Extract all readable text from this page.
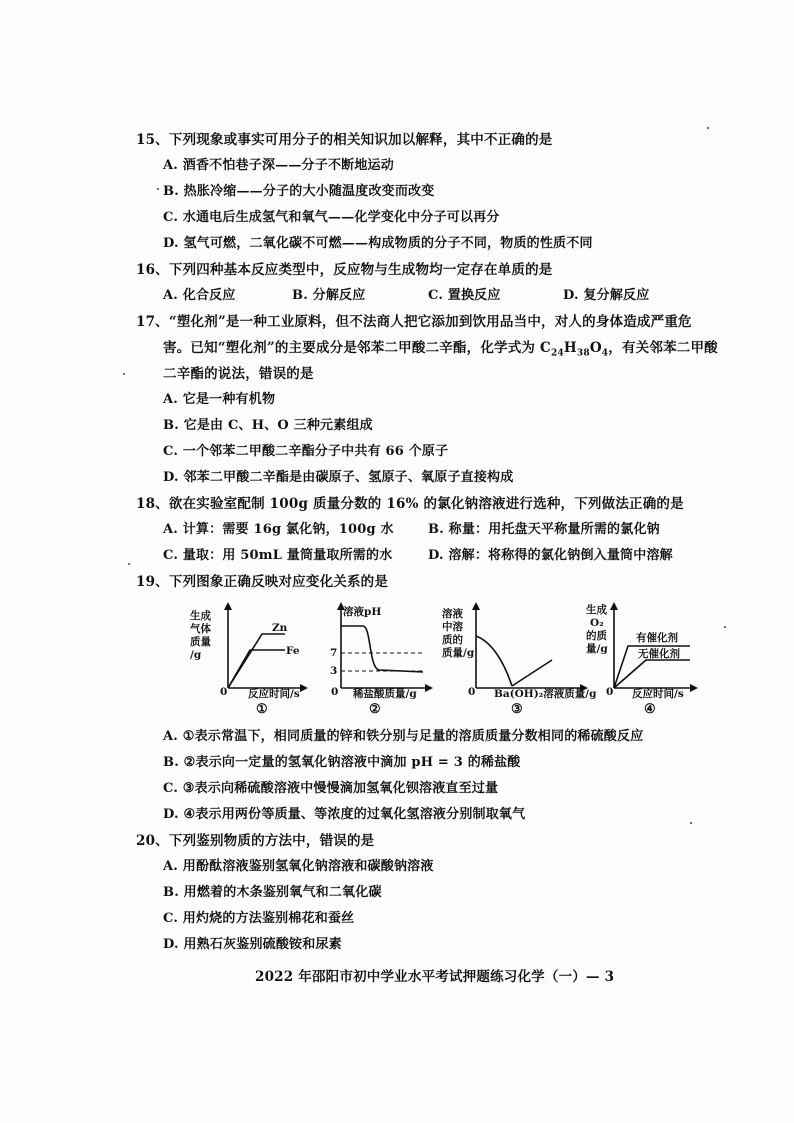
15、下列现象或事实可用分子的相关知识加以解释，其中不正确的是
A. 酒香不怕巷子深——分子不断地运动
B. 热胀冷缩——分子的大小随温度改变而改变
C. 水通电后生成氢气和氧气——化学变化中分子可以再分
D. 氢气可燃，二氧化碳不可燃——构成物质的分子不同，物质的性质不同
16、下列四种基本反应类型中，反应物与生成物均一定存在单质的是
A. 化合反应	B. 分解反应	C. 置换反应	D. 复分解反应
17、“塑化剂”是一种工业原料，但不法商人把它添加到饮用品当中，对人的身体造成严重危
害。已知“塑化剂”的主要成分是邻苯二甲酸二辛酯，化学式为 $C_{24}H_{38}O_4$，有关邻苯二甲酸
二辛酯的说法，错误的是
A. 它是一种有机物
B. 它是由 C、H、O 三种元素组成
C. 一个邻苯二甲酸二辛酯分子中共有 66 个原子
D. 邻苯二甲酸二辛酯是由碳原子、氢原子、氧原子直接构成
18、欲在实验室配制 100g 质量分数的 16% 的氯化钠溶液进行选种，下列做法正确的是
A. 计算：需要 16g 氯化钠，100g 水	B. 称量：用托盘天平称量所需的氯化钠
C. 量取：用 50mL 量筒量取所需的水	D. 溶解：将称得的氯化钠倒入量筒中溶解
19、下列图象正确反映对应变化关系的是
生成
气体
质量
/g
Zn
Fe
0 反应时间/s
①
溶液pH
7
3
0 稀盐酸质量/g
②
溶液
中溶
质的
质量/g
0 Ba(OH)₂溶液质量/g
③
生成
O₂
的质
量/g
有催化剂
无催化剂
0 反应时间/s
④
A. ①表示常温下，相同质量的锌和铁分别与足量的溶质质量分数相同的稀硫酸反应
B. ②表示向一定量的氢氧化钠溶液中滴加 pH = 3 的稀盐酸
C. ③表示向稀硫酸溶液中慢慢滴加氢氧化钡溶液直至过量
D. ④表示用两份等质量、等浓度的过氧化氢溶液分别制取氧气
20、下列鉴别物质的方法中，错误的是
A. 用酚酞溶液鉴别氢氧化钠溶液和碳酸钠溶液
B. 用燃着的木条鉴别氧气和二氧化碳
C. 用灼烧的方法鉴别棉花和蚕丝
D. 用熟石灰鉴别硫酸铵和尿素
2022 年邵阳市初中学业水平考试押题练习化学（一）— 3
